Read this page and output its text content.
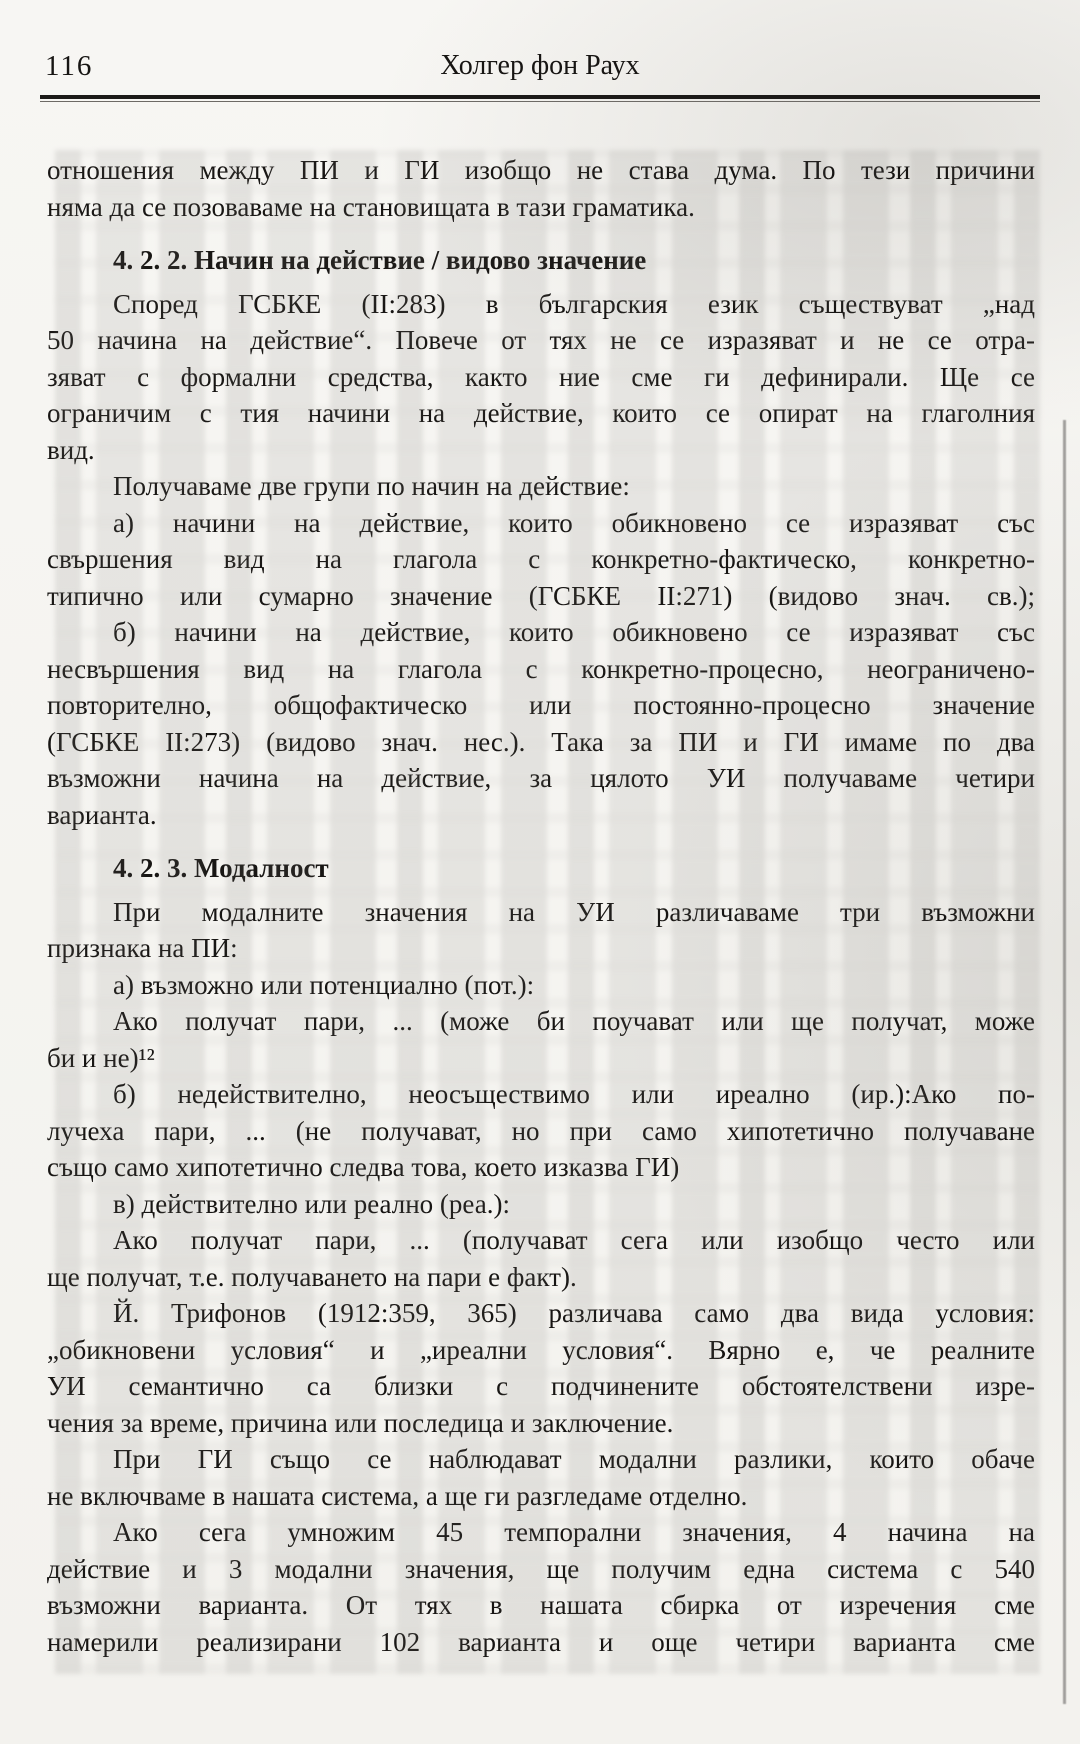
Холгер фон Раух
116
отношения между ПИ и ГИ изобщо не става дума. По тези причини
няма да се позоваваме на становищата в тази граматика.
4. 2. 2. Начин на действие / видово значение
Според ГСБКЕ (II:283) в българския език съществуват „над
50 начина на действие“. Повече от тях не се изразяват и не се отра-
зяват с формални средства, както ние сме ги дефинирали. Ще се
ограничим с тия начини на действие, които се опират на глаголния
вид.
Получаваме две групи по начин на действие:
а) начини на действие, които обикновено се изразяват със
свършения вид на глагола с конкретно-фактическо, конкретно-
типично или сумарно значение (ГСБКЕ II:271) (видово знач. св.);
б) начини на действие, които обикновено се изразяват със
несвършения вид на глагола с конкретно-процесно, неограничено-
повторително, общофактическо или постоянно-процесно значение
(ГСБКЕ II:273) (видово знач. нес.). Така за ПИ и ГИ имаме по два
възможни начина на действие, за цялото УИ получаваме четири
варианта.
4. 2. 3. Модалност
При модалните значения на УИ различаваме три възможни
признака на ПИ:
а) възможно или потенциално (пот.):
Ако получат пари, ... (може би поучават или ще получат, може
би и не)¹²
б) недействително, неосъществимо или иреално (ир.):Ако по-
лучеха пари, ... (не получават, но при само хипотетично получаване
също само хипотетично следва това, което изказва ГИ)
в) действително или реално (реа.):
Ако получат пари, ... (получават сега или изобщо често или
ще получат, т.е. получаването на пари е факт).
Й. Трифонов (1912:359, 365) различава само два вида условия:
„обикновени условия“ и „иреални условия“. Вярно е, че реалните
УИ семантично са близки с подчинените обстоятелствени изре-
чения за време, причина или последица и заключение.
При ГИ също се наблюдават модални разлики, които обаче
не включваме в нашата система, а ще ги разгледаме отделно.
Ако сега умножим 45 темпорални значения, 4 начина на
действие и 3 модални значения, ще получим една система с 540
възможни варианта. От тях в нашата сбирка от изречения сме
намерили реализирани 102 варианта и още четири варианта сме
